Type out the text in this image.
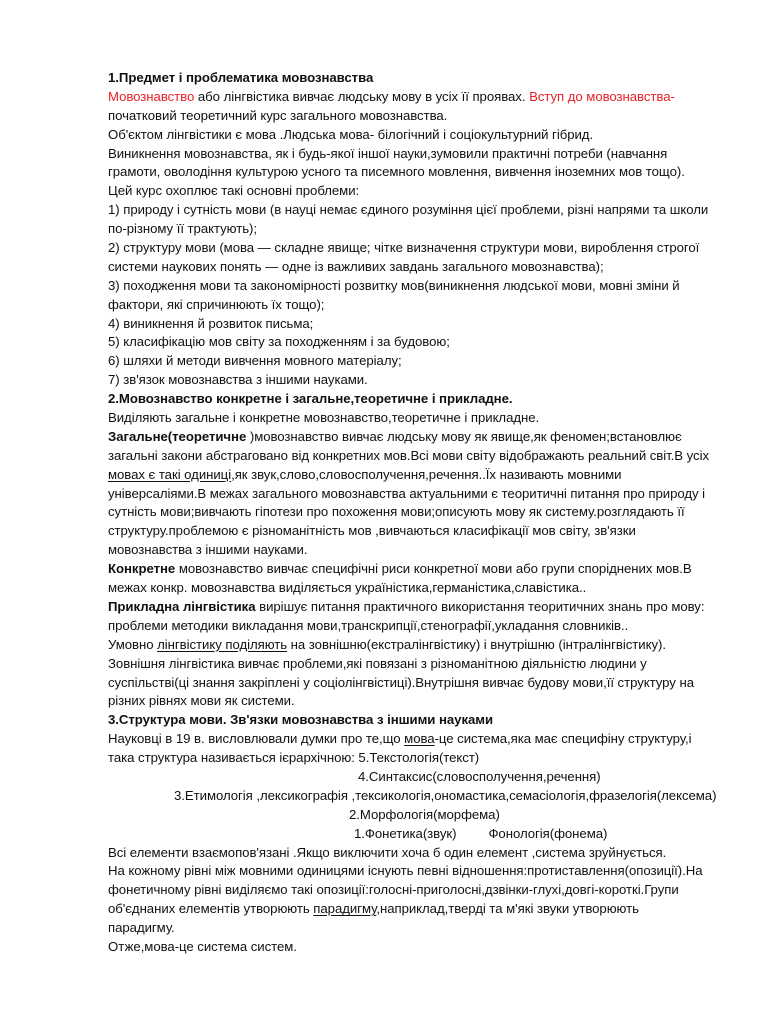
1.Предмет і проблематика мовознавства
Мовознавство або лінгвістика вивчає людську мову в усіх її проявах. Вступ до мовознавства-
початковий теоретичний курс загального мовознавства.
Об'єктом лінгвістики є мова .Людська мова- білогічний і соціокультурний гібрид.
Виникнення мовознавства, як і будь-якої іншої науки,зумовили практичні потреби (навчання
грамоти, оволодіння культурою усного та писемного мовлення, вивчення іноземних мов тощо).
Цей курс охоплює такі основні проблеми:
1) природу і сутність мови (в науці немає єдиного розуміння цієї проблеми, різні напрями та школи
по-різному її трактують);
2) структуру мови (мова — складне явище; чітке визначення структури мови, вироблення строгої
системи наукових понять — одне із важливих завдань загального мовознавства);
3) походження мови та закономірності розвитку мов(виникнення людської мови, мовні зміни й
фактори, які спричинюють їх тощо);
4) виникнення й розвиток письма;
5) класифікацію мов світу за походженням і за будовою;
6) шляхи й методи вивчення мовного матеріалу;
7) зв'язок мовознавства з іншими науками.
2.Мовознавство конкретне і загальне,теоретичне і прикладне.
Виділяють загальне і конкретне мовознавство,теоретичне і прикладне.
Загальне(теоретичне )мовознавство вивчає людську мову як явище,як феномен;встановлює
загальні закони абстраговано від конкретних мов.Всі мови світу відображають реальний світ.В усіх
мовах є такі одиниці,як звук,слово,словосполучення,речення..Їх називають мовними
універсаліями.В межах загального мовознавства актуальними є теоритичні питання про природу і
сутність мови;вивчають гіпотези про похоження мови;описують мову як систему.розглядають її
структуру.проблемою є різноманітність мов ,вивчаються класифікації мов світу, зв'язки
мовознавства з іншими науками.
Конкретне мовознавство вивчає специфічні риси конкретної мови або групи споріднених мов.В
межах конкр. мовознавства виділяється україністика,германістика,славістика..
Прикладна лінгвістика вирішує питання практичного використання теоритичних знань про мову:
проблеми методики викладання мови,транскрипції,стенографії,укладання словників..
Умовно лінгвістику поділяють на зовнішню(екстралінгвістику) і внутрішню (інтралінгвістику).
Зовнішня лінгвістика вивчає проблеми,які повязані з різноманітною діяльністю людини у
суспільстві(ці знання закріплені у соціолінгвістиці).Внутрішня вивчає будову мови,її структуру на
різних рівнях мови як системи.
3.Структура мови. Зв'язки мовознавства з іншими науками
Науковці в 19 в. висловлювали думки про те,що мова-це система,яка має специфіну структуру,і
така структура називається ієрархічною: 5.Текстологія(текст)
4.Синтаксис(словосполучення,речення)
3.Етимологія ,лексикографія ,тексикологія,ономастика,семасіологія,фразелогія(лексема)
2.Морфологія(морфема)
1.Фонетика(звук) Фонологія(фонема)
Всі елементи взаємопов'язані .Якщо виключити хоча б один елемент ,система зруйнується.
На кожному рівні між мовними одиницями існують певні відношення:протиставлення(опозиції).На
фонетичному рівні виділяємо такі опозиції:голосні-приголосні,дзвінки-глухі,довгі-короткі.Групи
об'єднаних елементів утворюють парадигму,наприклад,тверді та м'які звуки утворюють
парадигму.
Отже,мова-це система систем.
